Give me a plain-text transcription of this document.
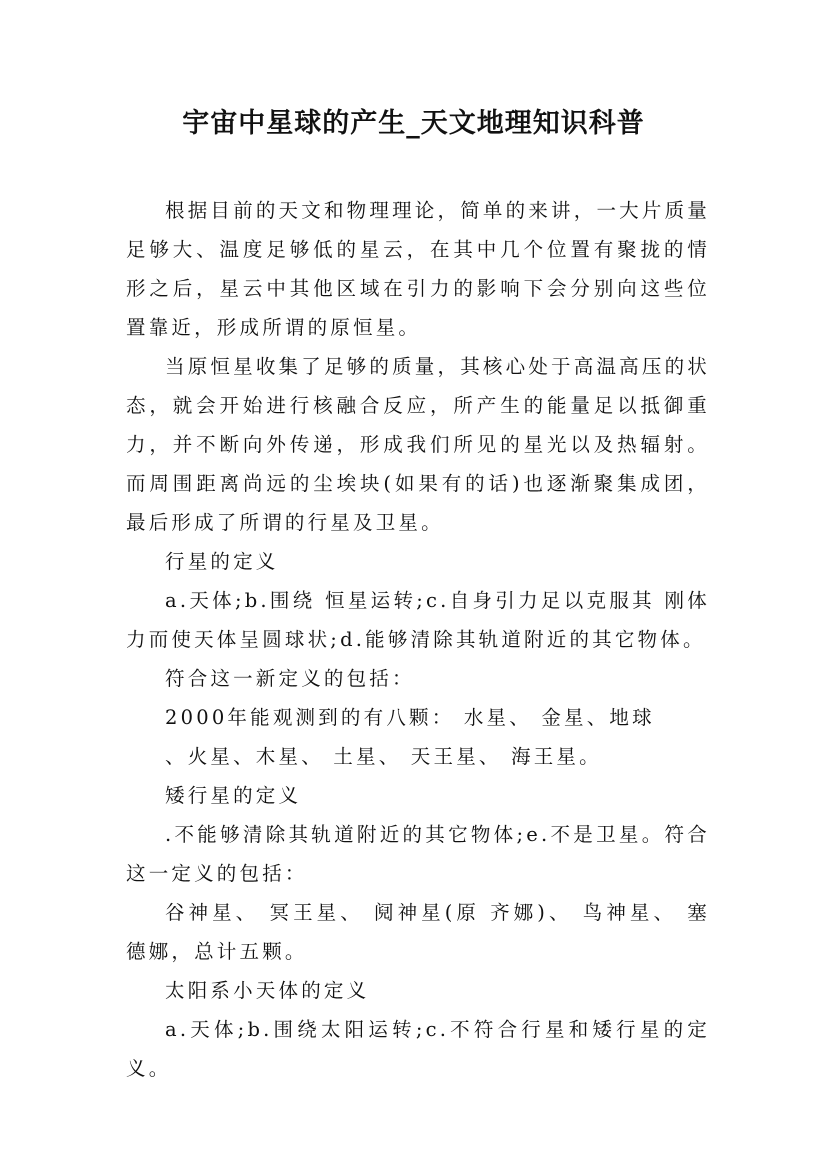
宇宙中星球的产生_天文地理知识科普

根据目前的天文和物理理论，简单的来讲，一大片质量足够大、温度足够低的星云，在其中几个位置有聚拢的情形之后，星云中其他区域在引力的影响下会分别向这些位置靠近，形成所谓的原恒星。

当原恒星收集了足够的质量，其核心处于高温高压的状态，就会开始进行核融合反应，所产生的能量足以抵御重力，并不断向外传递，形成我们所见的星光以及热辐射。而周围距离尚远的尘埃块(如果有的话)也逐渐聚集成团，最后形成了所谓的行星及卫星。

行星的定义

a.天体;b.围绕 恒星运转;c.自身引力足以克服其 刚体力而使天体呈圆球状;d.能够清除其轨道附近的其它物体。

符合这一新定义的包括：

2000年能观测到的有八颗： 水星、 金星、地球

、火星、木星、 土星、 天王星、 海王星。

矮行星的定义

.不能够清除其轨道附近的其它物体;e.不是卫星。符合这一定义的包括：

谷神星、 冥王星、 阋神星(原 齐娜)、 鸟神星、 塞德娜，总计五颗。

太阳系小天体的定义

a.天体;b.围绕太阳运转;c.不符合行星和矮行星的定义。
